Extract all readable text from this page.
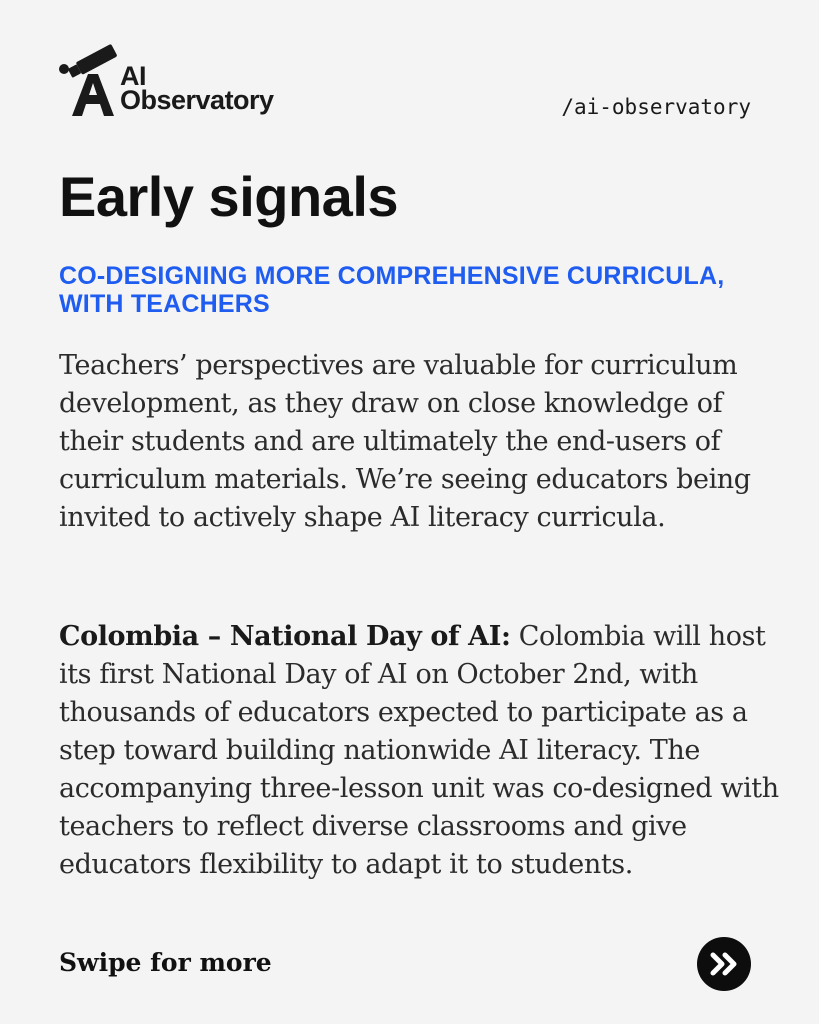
AI
Observatory	/ai-observatory
Early signals
CO-DESIGNING MORE COMPREHENSIVE CURRICULA, WITH TEACHERS

Teachers’ perspectives are valuable for curriculum development, as they draw on close knowledge of their students and are ultimately the end-users of curriculum materials. We’re seeing educators being invited to actively shape AI literacy curricula.

Colombia – National Day of AI: Colombia will host its first National Day of AI on October 2nd, with thousands of educators expected to participate as a step toward building nationwide AI literacy. The accompanying three-lesson unit was co-designed with teachers to reflect diverse classrooms and give educators flexibility to adapt it to students.

Swipe for more
